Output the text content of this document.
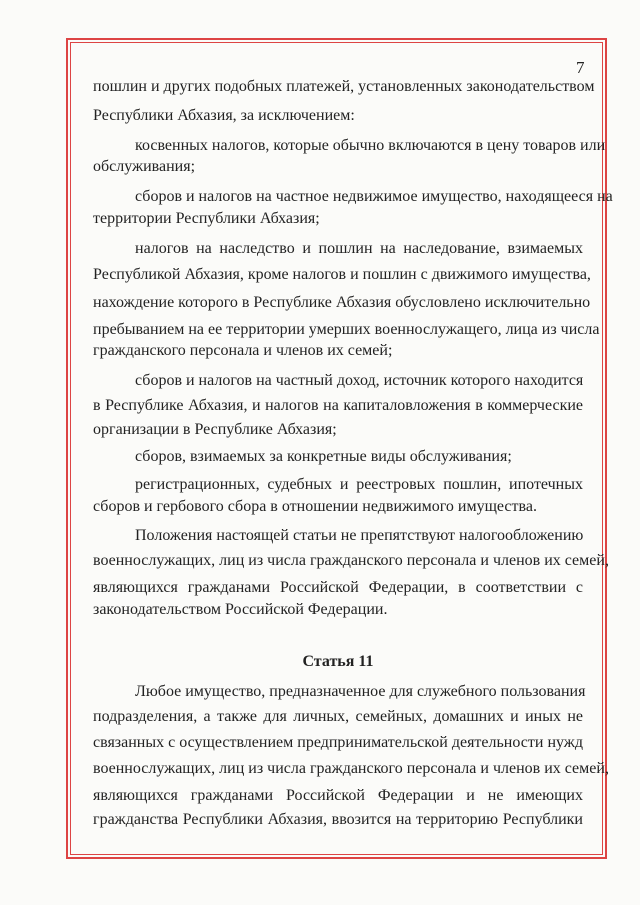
7
пошлин и других подобных платежей, установленных законодательством
Республики Абхазия, за исключением:
косвенных налогов, которые обычно включаются в цену товаров или
обслуживания;
сборов и налогов на частное недвижимое имущество, находящееся на
территории Республики Абхазия;
налогов на наследство и пошлин на наследование, взимаемых
Республикой Абхазия, кроме налогов и пошлин с движимого имущества,
нахождение которого в Республике Абхазия обусловлено исключительно
пребыванием на ее территории умерших военнослужащего, лица из числа
гражданского персонала и членов их семей;
сборов и налогов на частный доход, источник которого находится
в Республике Абхазия, и налогов на капиталовложения в коммерческие
организации в Республике Абхазия;
сборов, взимаемых за конкретные виды обслуживания;
регистрационных, судебных и реестровых пошлин, ипотечных
сборов и гербового сбора в отношении недвижимого имущества.
Положения настоящей статьи не препятствуют налогообложению
военнослужащих, лиц из числа гражданского персонала и членов их семей,
являющихся гражданами Российской Федерации, в соответствии с
законодательством Российской Федерации.
Статья 11
Любое имущество, предназначенное для служебного пользования
подразделения, а также для личных, семейных, домашних и иных не
связанных с осуществлением предпринимательской деятельности нужд
военнослужащих, лиц из числа гражданского персонала и членов их семей,
являющихся гражданами Российской Федерации и не имеющих
гражданства Республики Абхазия, ввозится на территорию Республики
